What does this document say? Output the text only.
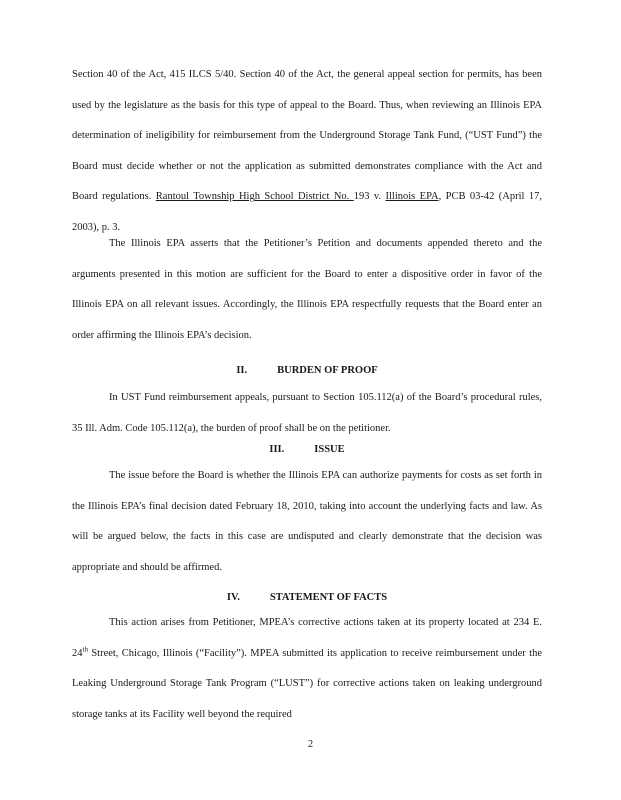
Section 40 of the Act, 415 ILCS 5/40. Section 40 of the Act, the general appeal section for permits, has been used by the legislature as the basis for this type of appeal to the Board. Thus, when reviewing an Illinois EPA determination of ineligibility for reimbursement from the Underground Storage Tank Fund, (“UST Fund”) the Board must decide whether or not the application as submitted demonstrates compliance with the Act and Board regulations. Rantoul Township High School District No. 193 v. Illinois EPA, PCB 03-42 (April 17, 2003), p. 3.

The Illinois EPA asserts that the Petitioner’s Petition and documents appended thereto and the arguments presented in this motion are sufficient for the Board to enter a dispositive order in favor of the Illinois EPA on all relevant issues. Accordingly, the Illinois EPA respectfully requests that the Board enter an order affirming the Illinois EPA’s decision.

II.	BURDEN OF PROOF

In UST Fund reimbursement appeals, pursuant to Section 105.112(a) of the Board’s procedural rules, 35 Ill. Adm. Code 105.112(a), the burden of proof shall be on the petitioner.

III.	ISSUE

The issue before the Board is whether the Illinois EPA can authorize payments for costs as set forth in the Illinois EPA’s final decision dated February 18, 2010, taking into account the underlying facts and law. As will be argued below, the facts in this case are undisputed and clearly demonstrate that the decision was appropriate and should be affirmed.

IV.	STATEMENT OF FACTS

This action arises from Petitioner, MPEA’s corrective actions taken at its property located at 234 E. 24th Street, Chicago, Illinois (“Facility”). MPEA submitted its application to receive reimbursement under the Leaking Underground Storage Tank Program (“LUST”) for corrective actions taken on leaking underground storage tanks at its Facility well beyond the required

2
